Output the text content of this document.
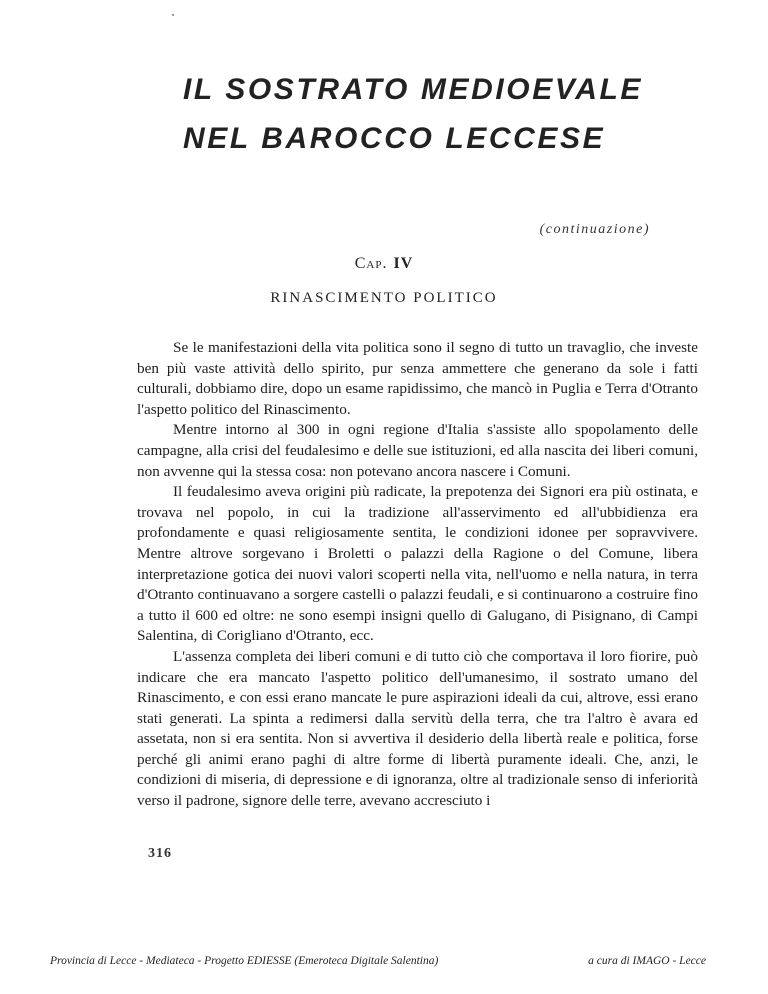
IL SOSTRATO MEDIOEVALE
NEL BAROCCO LECCESE
(continuazione)
Cap. IV
RINASCIMENTO POLITICO

Se le manifestazioni della vita politica sono il segno di tutto un travaglio, che investe ben più vaste attività dello spirito, pur senza ammettere che generano da sole i fatti culturali, dobbiamo dire, dopo un esame rapidissimo, che mancò in Puglia e Terra d'Otranto l'aspetto politico del Rinascimento.

Mentre intorno al 300 in ogni regione d'Italia s'assiste allo spopolamento delle campagne, alla crisi del feudalesimo e delle sue istituzioni, ed alla nascita dei liberi comuni, non avvenne qui la stessa cosa: non potevano ancora nascere i Comuni.

Il feudalesimo aveva origini più radicate, la prepotenza dei Signori era più ostinata, e trovava nel popolo, in cui la tradizione all'asservimento ed all'ubbidienza era profondamente e quasi religiosamente sentita, le condizioni idonee per sopravvivere. Mentre altrove sorgevano i Broletti o palazzi della Ragione o del Comune, libera interpretazione gotica dei nuovi valori scoperti nella vita, nell'uomo e nella natura, in terra d'Otranto continuavano a sorgere castelli o palazzi feudali, e si continuarono a costruire fino a tutto il 600 ed oltre: ne sono esempi insigni quello di Galugano, di Pisignano, di Campi Salentina, di Corigliano d'Otranto, ecc.

L'assenza completa dei liberi comuni e di tutto ciò che comportava il loro fiorire, può indicare che era mancato l'aspetto politico dell'umanesimo, il sostrato umano del Rinascimento, e con essi erano mancate le pure aspirazioni ideali da cui, altrove, essi erano stati generati. La spinta a redimersi dalla servitù della terra, che tra l'altro è avara ed assetata, non si era sentita. Non si avvertiva il desiderio della libertà reale e politica, forse perché gli animi erano paghi di altre forme di libertà puramente ideali. Che, anzi, le condizioni di miseria, di depressione e di ignoranza, oltre al tradizionale senso di inferiorità verso il padrone, signore delle terre, avevano accresciuto i

316
Provincia di Lecce - Mediateca - Progetto EDIESSE (Emeroteca Digitale Salentina)	a cura di IMAGO - Lecce
